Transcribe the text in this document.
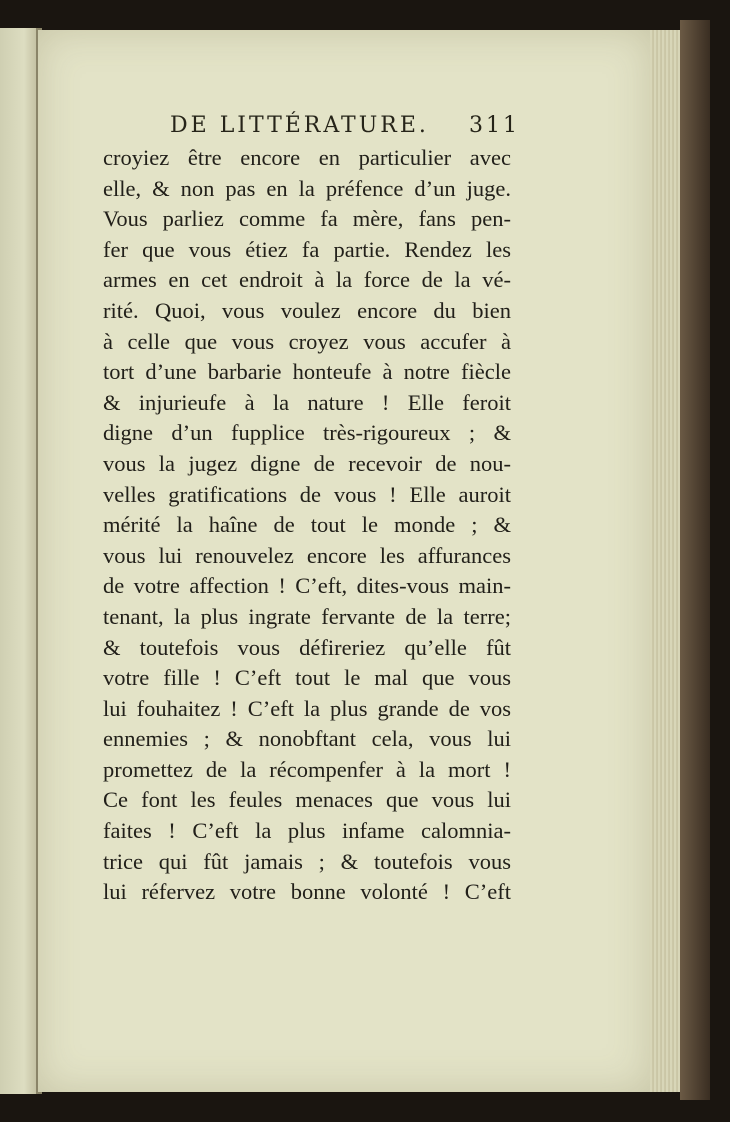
DE LITTÉRATURE. 311
croyiez être encore en particulier avec
elle, & non pas en la préfence d’un juge.
Vous parliez comme fa mère, fans pen-
fer que vous étiez fa partie. Rendez les
armes en cet endroit à la force de la vé-
rité. Quoi, vous voulez encore du bien
à celle que vous croyez vous accufer à
tort d’une barbarie honteufe à notre fiècle
& injurieufe à la nature ! Elle feroit
digne d’un fupplice très-rigoureux ; &
vous la jugez digne de recevoir de nou-
velles gratifications de vous ! Elle auroit
mérité la haîne de tout le monde ; &
vous lui renouvelez encore les affurances
de votre affection ! C’eft, dites-vous main-
tenant, la plus ingrate fervante de la terre;
& toutefois vous défireriez qu’elle fût
votre fille ! C’eft tout le mal que vous
lui fouhaitez ! C’eft la plus grande de vos
ennemies ; & nonobftant cela, vous lui
promettez de la récompenfer à la mort !
Ce font les feules menaces que vous lui
faites ! C’eft la plus infame calomnia-
trice qui fût jamais ; & toutefois vous
lui réfervez votre bonne volonté ! C’eft
